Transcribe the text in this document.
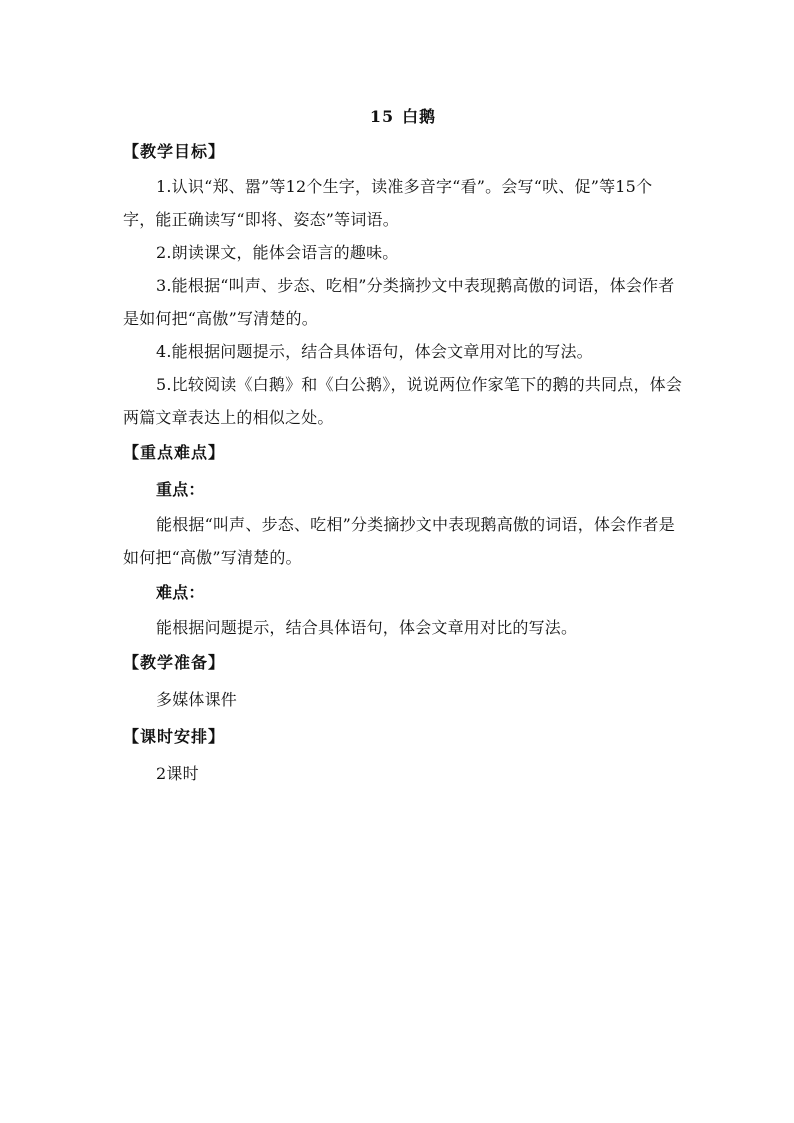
15 白鹅

【教学目标】

1.认识“郑、嚣”等12个生字，读准多音字“看”。会写“吠、促”等15个字，能正确读写“即将、姿态”等词语。

2.朗读课文，能体会语言的趣味。

3.能根据“叫声、步态、吃相”分类摘抄文中表现鹅高傲的词语，体会作者是如何把“高傲”写清楚的。

4.能根据问题提示，结合具体语句，体会文章用对比的写法。

5.比较阅读《白鹅》和《白公鹅》，说说两位作家笔下的鹅的共同点，体会两篇文章表达上的相似之处。

【重点难点】

重点：

能根据“叫声、步态、吃相”分类摘抄文中表现鹅高傲的词语，体会作者是如何把“高傲”写清楚的。

难点：

能根据问题提示，结合具体语句，体会文章用对比的写法。

【教学准备】

多媒体课件

【课时安排】

2课时
